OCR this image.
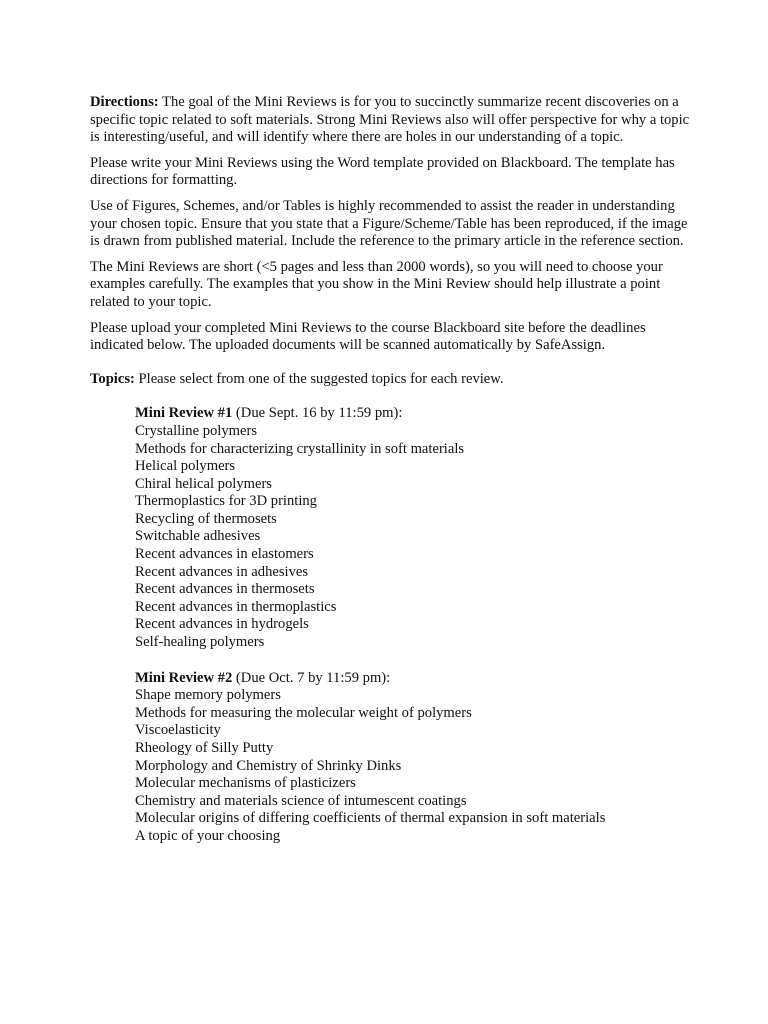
Directions: The goal of the Mini Reviews is for you to succinctly summarize recent discoveries on a specific topic related to soft materials. Strong Mini Reviews also will offer perspective for why a topic is interesting/useful, and will identify where there are holes in our understanding of a topic.

Please write your Mini Reviews using the Word template provided on Blackboard. The template has directions for formatting.

Use of Figures, Schemes, and/or Tables is highly recommended to assist the reader in understanding your chosen topic. Ensure that you state that a Figure/Scheme/Table has been reproduced, if the image is drawn from published material. Include the reference to the primary article in the reference section.

The Mini Reviews are short (<5 pages and less than 2000 words), so you will need to choose your examples carefully. The examples that you show in the Mini Review should help illustrate a point related to your topic.

Please upload your completed Mini Reviews to the course Blackboard site before the deadlines indicated below. The uploaded documents will be scanned automatically by SafeAssign.

Topics: Please select from one of the suggested topics for each review.

Mini Review #1 (Due Sept. 16 by 11:59 pm):
Crystalline polymers
Methods for characterizing crystallinity in soft materials
Helical polymers
Chiral helical polymers
Thermoplastics for 3D printing
Recycling of thermosets
Switchable adhesives
Recent advances in elastomers
Recent advances in adhesives
Recent advances in thermosets
Recent advances in thermoplastics
Recent advances in hydrogels
Self-healing polymers
Mini Review #2 (Due Oct. 7 by 11:59 pm):
Shape memory polymers
Methods for measuring the molecular weight of polymers
Viscoelasticity
Rheology of Silly Putty
Morphology and Chemistry of Shrinky Dinks
Molecular mechanisms of plasticizers
Chemistry and materials science of intumescent coatings
Molecular origins of differing coefficients of thermal expansion in soft materials
A topic of your choosing
